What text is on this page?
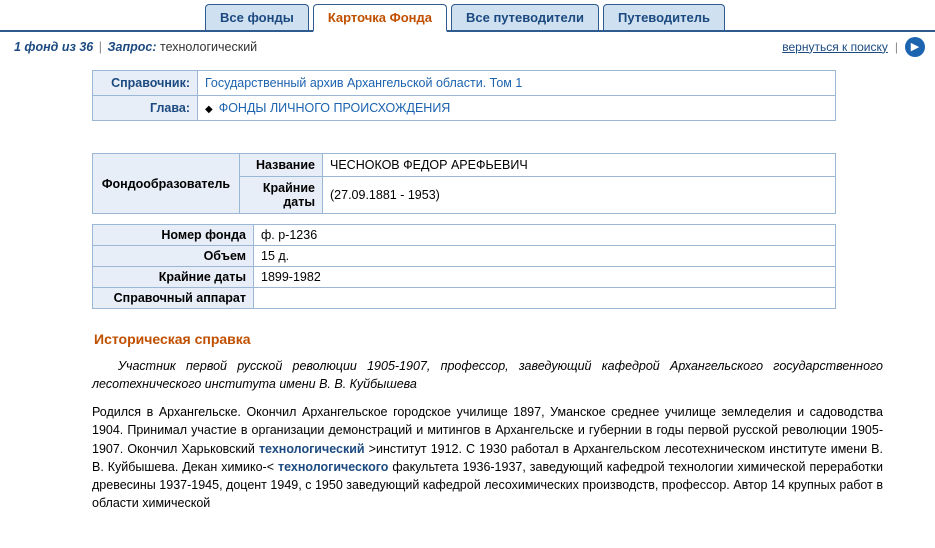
Все фонды	Карточка Фонда	Все путеводители	Путеводитель
1 фонд из 36 | Запрос: технологический	вернуться к поиску |	▶
Справочник:	Государственный архив Архангельской области. Том 1
Глава:	◆ ФОНДЫ ЛИЧНОГО ПРОИСХОЖДЕНИЯ
Фондообразователь	Название	ЧЕСНОКОВ ФЕДОР АРЕФЬЕВИЧ
	Крайние даты	(27.09.1881 - 1953)
Номер фонда	ф. р-1236
Объем	15 д.
Крайние даты	1899-1982
Справочный аппарат	
Историческая справка

Участник первой русской революции 1905-1907, профессор, заведующий кафедрой Архангельского государственного лесотехнического института имени В. В. Куйбышева

Родился в Архангельске. Окончил Архангельское городское училище 1897, Уманское среднее училище земледелия и садоводства 1904. Принимал участие в организации демонстраций и митингов в Архангельске и губернии в годы первой русской революции 1905-1907. Окончил Харьковский технологический >институт 1912. С 1930 работал в Архангельском лесотехническом институте имени В. В. Куйбышева. Декан химико-< технологического факультета 1936-1937, заведующий кафедрой технологии химической переработки древесины 1937-1945, доцент 1949, с 1950 заведующий кафедрой лесохимических производств, профессор. Автор 14 крупных работ в области химической
